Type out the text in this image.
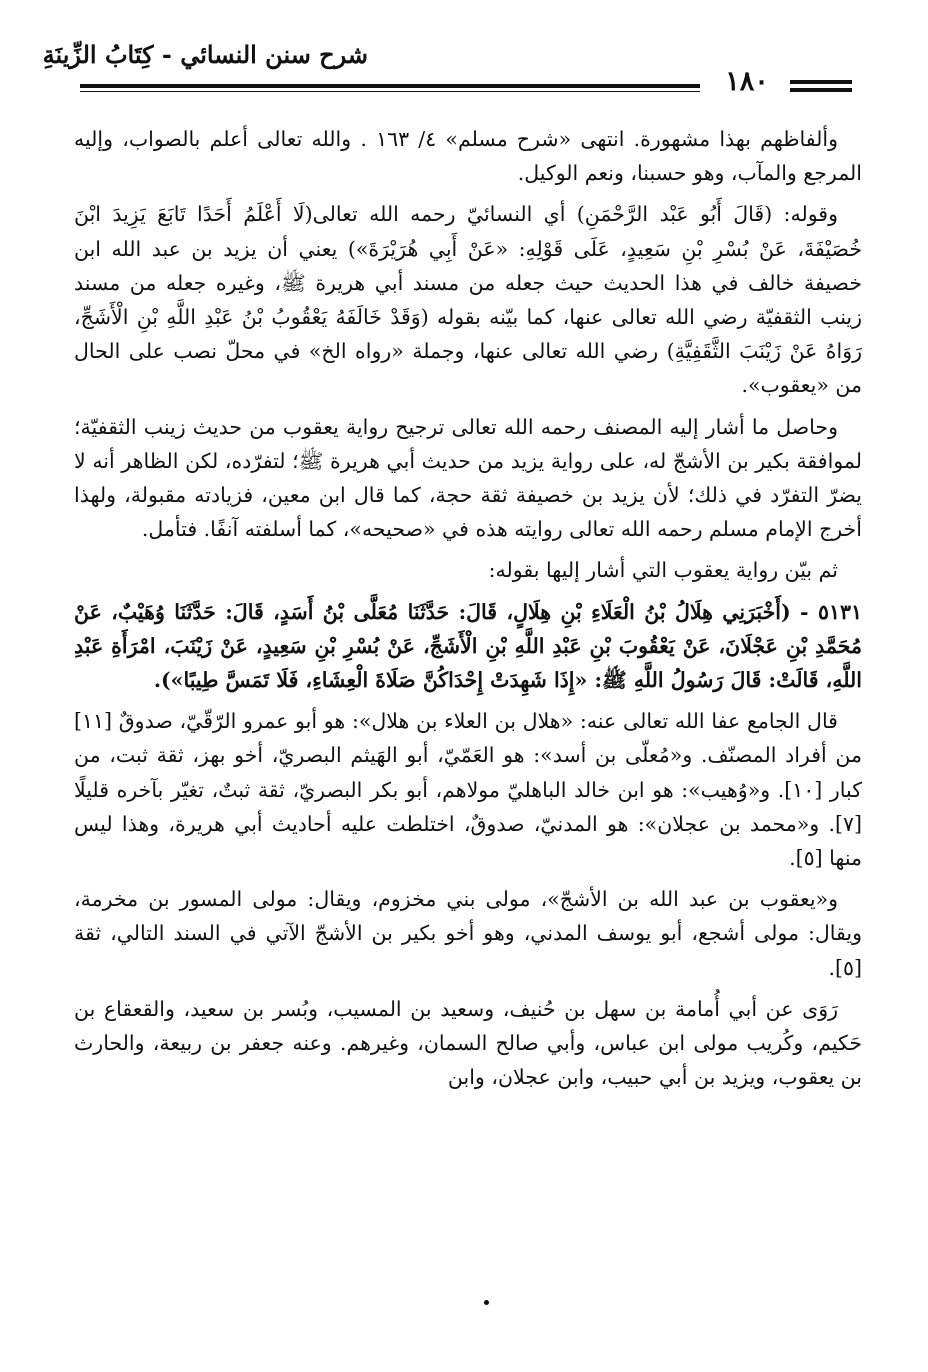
شرح سنن النسائي - كِتَابُ الزِّينَةِ
١٨٠

وألفاظهم بهذا مشهورة. انتهى «شرح مسلم» ٤/ ١٦٣ . والله تعالى أعلم بالصواب، وإليه المرجع والمآب، وهو حسبنا، ونعم الوكيل.

وقوله: (قَالَ أَبُو عَبْد الرَّحْمَنِ) أي النسائيّ رحمه الله تعالى(لَا أَعْلَمُ أَحَدًا تَابَعَ يَزِيدَ ابْنَ خُصَيْفَةَ، عَنْ بُسْرِ بْنِ سَعِيدٍ، عَلَى قَوْلِهِ: «عَنْ أَبِي هُرَيْرَةَ») يعني أن يزيد بن عبد الله ابن خصيفة خالف في هذا الحديث حيث جعله من مسند أبي هريرة ﷺ، وغيره جعله من مسند زينب الثقفيّة رضي الله تعالى عنها، كما بيّنه بقوله (وَقَدْ خَالَفَهُ يَعْقُوبُ بْنُ عَبْدِ اللَّهِ بْنِ الْأَشَجِّ، رَوَاهُ عَنْ زَيْنَبَ الثَّقَفِيَّةِ) رضي الله تعالى عنها، وجملة «رواه الخ» في محلّ نصب على الحال من «يعقوب».

وحاصل ما أشار إليه المصنف رحمه الله تعالى ترجيح رواية يعقوب من حديث زينب الثقفيّة؛ لموافقة بكير بن الأشجّ له، على رواية يزيد من حديث أبي هريرة ﷺ؛ لتفرّده، لكن الظاهر أنه لا يضرّ التفرّد في ذلك؛ لأن يزيد بن خصيفة ثقة حجة، كما قال ابن معين، فزيادته مقبولة، ولهذا أخرج الإمام مسلم رحمه الله تعالى روايته هذه في «صحيحه»، كما أسلفته آنفًا. فتأمل.

ثم بيّن رواية يعقوب التي أشار إليها بقوله:

٥١٣١ - (أَخْبَرَنِي هِلَالُ بْنُ الْعَلَاءِ بْنِ هِلَالٍ، قَالَ: حَدَّثَنَا مُعَلَّى بْنُ أَسَدٍ، قَالَ: حَدَّثَنَا وُهَيْبٌ، عَنْ مُحَمَّدِ بْنِ عَجْلَانَ، عَنْ يَعْقُوبَ بْنِ عَبْدِ اللَّهِ بْنِ الْأَشَجِّ، عَنْ بُسْرِ بْنِ سَعِيدٍ، عَنْ زَيْنَبَ، امْرَأَةِ عَبْدِ اللَّهِ، قَالَتْ: قَالَ رَسُولُ اللَّهِ ﷺ: «إِذَا شَهِدَتْ إِحْدَاكُنَّ صَلَاةَ الْعِشَاءِ، فَلَا تَمَسَّ طِيبًا»).

قال الجامع عفا الله تعالى عنه: «هلال بن العلاء بن هلال»: هو أبو عمرو الرّقّيّ، صدوقٌ [١١] من أفراد المصنّف. و«مُعلّى بن أسد»: هو العَمّيّ، أبو الهَيثم البصريّ، أخو بهز، ثقة ثبت، من كبار [١٠]. و«وُهيب»: هو ابن خالد الباهليّ مولاهم، أبو بكر البصريّ، ثقة ثبتٌ، تغيّر بآخره قليلًا [٧]. و«محمد بن عجلان»: هو المدنيّ، صدوقٌ، اختلطت عليه أحاديث أبي هريرة، وهذا ليس منها [٥].

و«يعقوب بن عبد الله بن الأشجّ»، مولى بني مخزوم، ويقال: مولى المسور بن مخرمة، ويقال: مولى أشجع، أبو يوسف المدني، وهو أخو بكير بن الأشجّ الآتي في السند التالي، ثقة [٥].

رَوَى عن أبي أُمامة بن سهل بن حُنيف، وسعيد بن المسيب، وبُسر بن سعيد، والقعقاع بن حَكيم، وكُريب مولى ابن عباس، وأبي صالح السمان، وغيرهم. وعنه جعفر بن ربيعة، والحارث بن يعقوب، ويزيد بن أبي حبيب، وابن عجلان، وابن
